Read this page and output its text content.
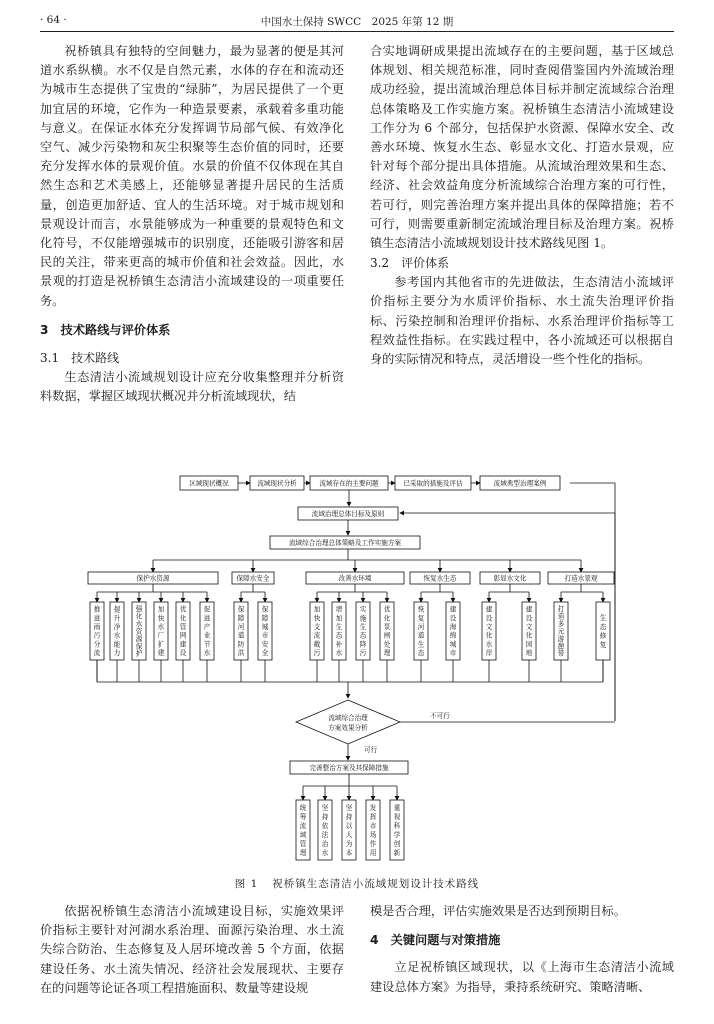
· 64 ·	中国水土保持 SWCC　2025 年第 12 期

祝桥镇具有独特的空间魅力，最为显著的便是其河道水系纵横。水不仅是自然元素，水体的存在和流动还为城市生态提供了宝贵的“绿肺”，为居民提供了一个更加宜居的环境，它作为一种造景要素，承载着多重功能与意义。在保证水体充分发挥调节局部气候、有效净化空气、减少污染物和灰尘积聚等生态价值的同时，还要充分发挥水体的景观价值。水景的价值不仅体现在其自然生态和艺术美感上，还能够显著提升居民的生活质量，创造更加舒适、宜人的生活环境。对于城市规划和景观设计而言，水景能够成为一种重要的景观特色和文化符号，不仅能增强城市的识别度，还能吸引游客和居民的关注，带来更高的城市价值和社会效益。因此，水景观的打造是祝桥镇生态清洁小流域建设的一项重要任务。

3　技术路线与评价体系
3.1 技术路线

生态清洁小流域规划设计应充分收集整理并分析资料数据，掌握区域现状概况并分析流域现状，结

合实地调研成果提出流域存在的主要问题，基于区域总体规划、相关规范标准，同时查阅借鉴国内外流域治理成功经验，提出流域治理总体目标并制定流域综合治理总体策略及工作实施方案。祝桥镇生态清洁小流域建设工作分为 6 个部分，包括保护水资源、保障水安全、改善水环境、恢复水生态、彰显水文化、打造水景观，应针对每个部分提出具体措施。从流域治理效果和生态、经济、社会效益角度分析流域综合治理方案的可行性，若可行，则完善治理方案并提出具体的保障措施；若不可行，则需要重新制定流域治理目标及治理方案。祝桥镇生态清洁小流域规划设计技术路线见图 1。

3.2 评价体系

参考国内其他省市的先进做法，生态清洁小流域评价指标主要分为水质评价指标、水土流失治理评价指标、污染控制和治理评价指标、水系治理评价指标等工程效益性指标。在实践过程中，各小流域还可以根据自身的实际情况和特点，灵活增设一些个性化的指标。

区域现状概况	流域现状分析	流域存在的主要问题	已采取的措施及评估	流域典型治理案例
流域治理总体目标及原则
流域综合治理总体策略及工作实施方案
保护水资源	保障水安全	改善水环境	恢复水生态	彰显水文化	打造水景观
推
进
雨
污
分
流
提
升
净
水
能
力
强
化
水
资
源
保
护
加
快
水
厂
扩
建
优
化
管
网
建
设
促
进
产
业
节
水
保
障
河
道
防
洪
保
障
城
市
安
全
加
快
支
流
截
污
增
加
生
态
补
水
实
施
生
态
降
污
优
化
泵
闸
处
理
恢
复
河
道
生
态
建
设
海
绵
城
市
建
设
文
化
水
岸
建
设
文
化
园
地
打
造
多
元
游
憩
带
生
态
修
复
流域综合治理
方案效果分析
不可行
可行
完善整治方案及其保障措施
统
筹
流
域
管
理
坚
持
依
法
治
水
坚
持
以
人
为
本
发
挥
市
场
作
用
重
视
科
学
创
新
图 1 祝桥镇生态清洁小流域规划设计技术路线

依据祝桥镇生态清洁小流域建设目标，实施效果评价指标主要针对河湖水系治理、面源污染治理、水土流失综合防治、生态修复及人居环境改善 5 个方面，依据建设任务、水土流失情况、经济社会发展现状、主要存在的问题等论证各项工程措施面积、数量等建设规

模是否合理，评估实施效果是否达到预期目标。

4　关键问题与对策措施

立足祝桥镇区域现状，以《上海市生态清洁小流域建设总体方案》为指导，秉持系统研究、策略清晰、
